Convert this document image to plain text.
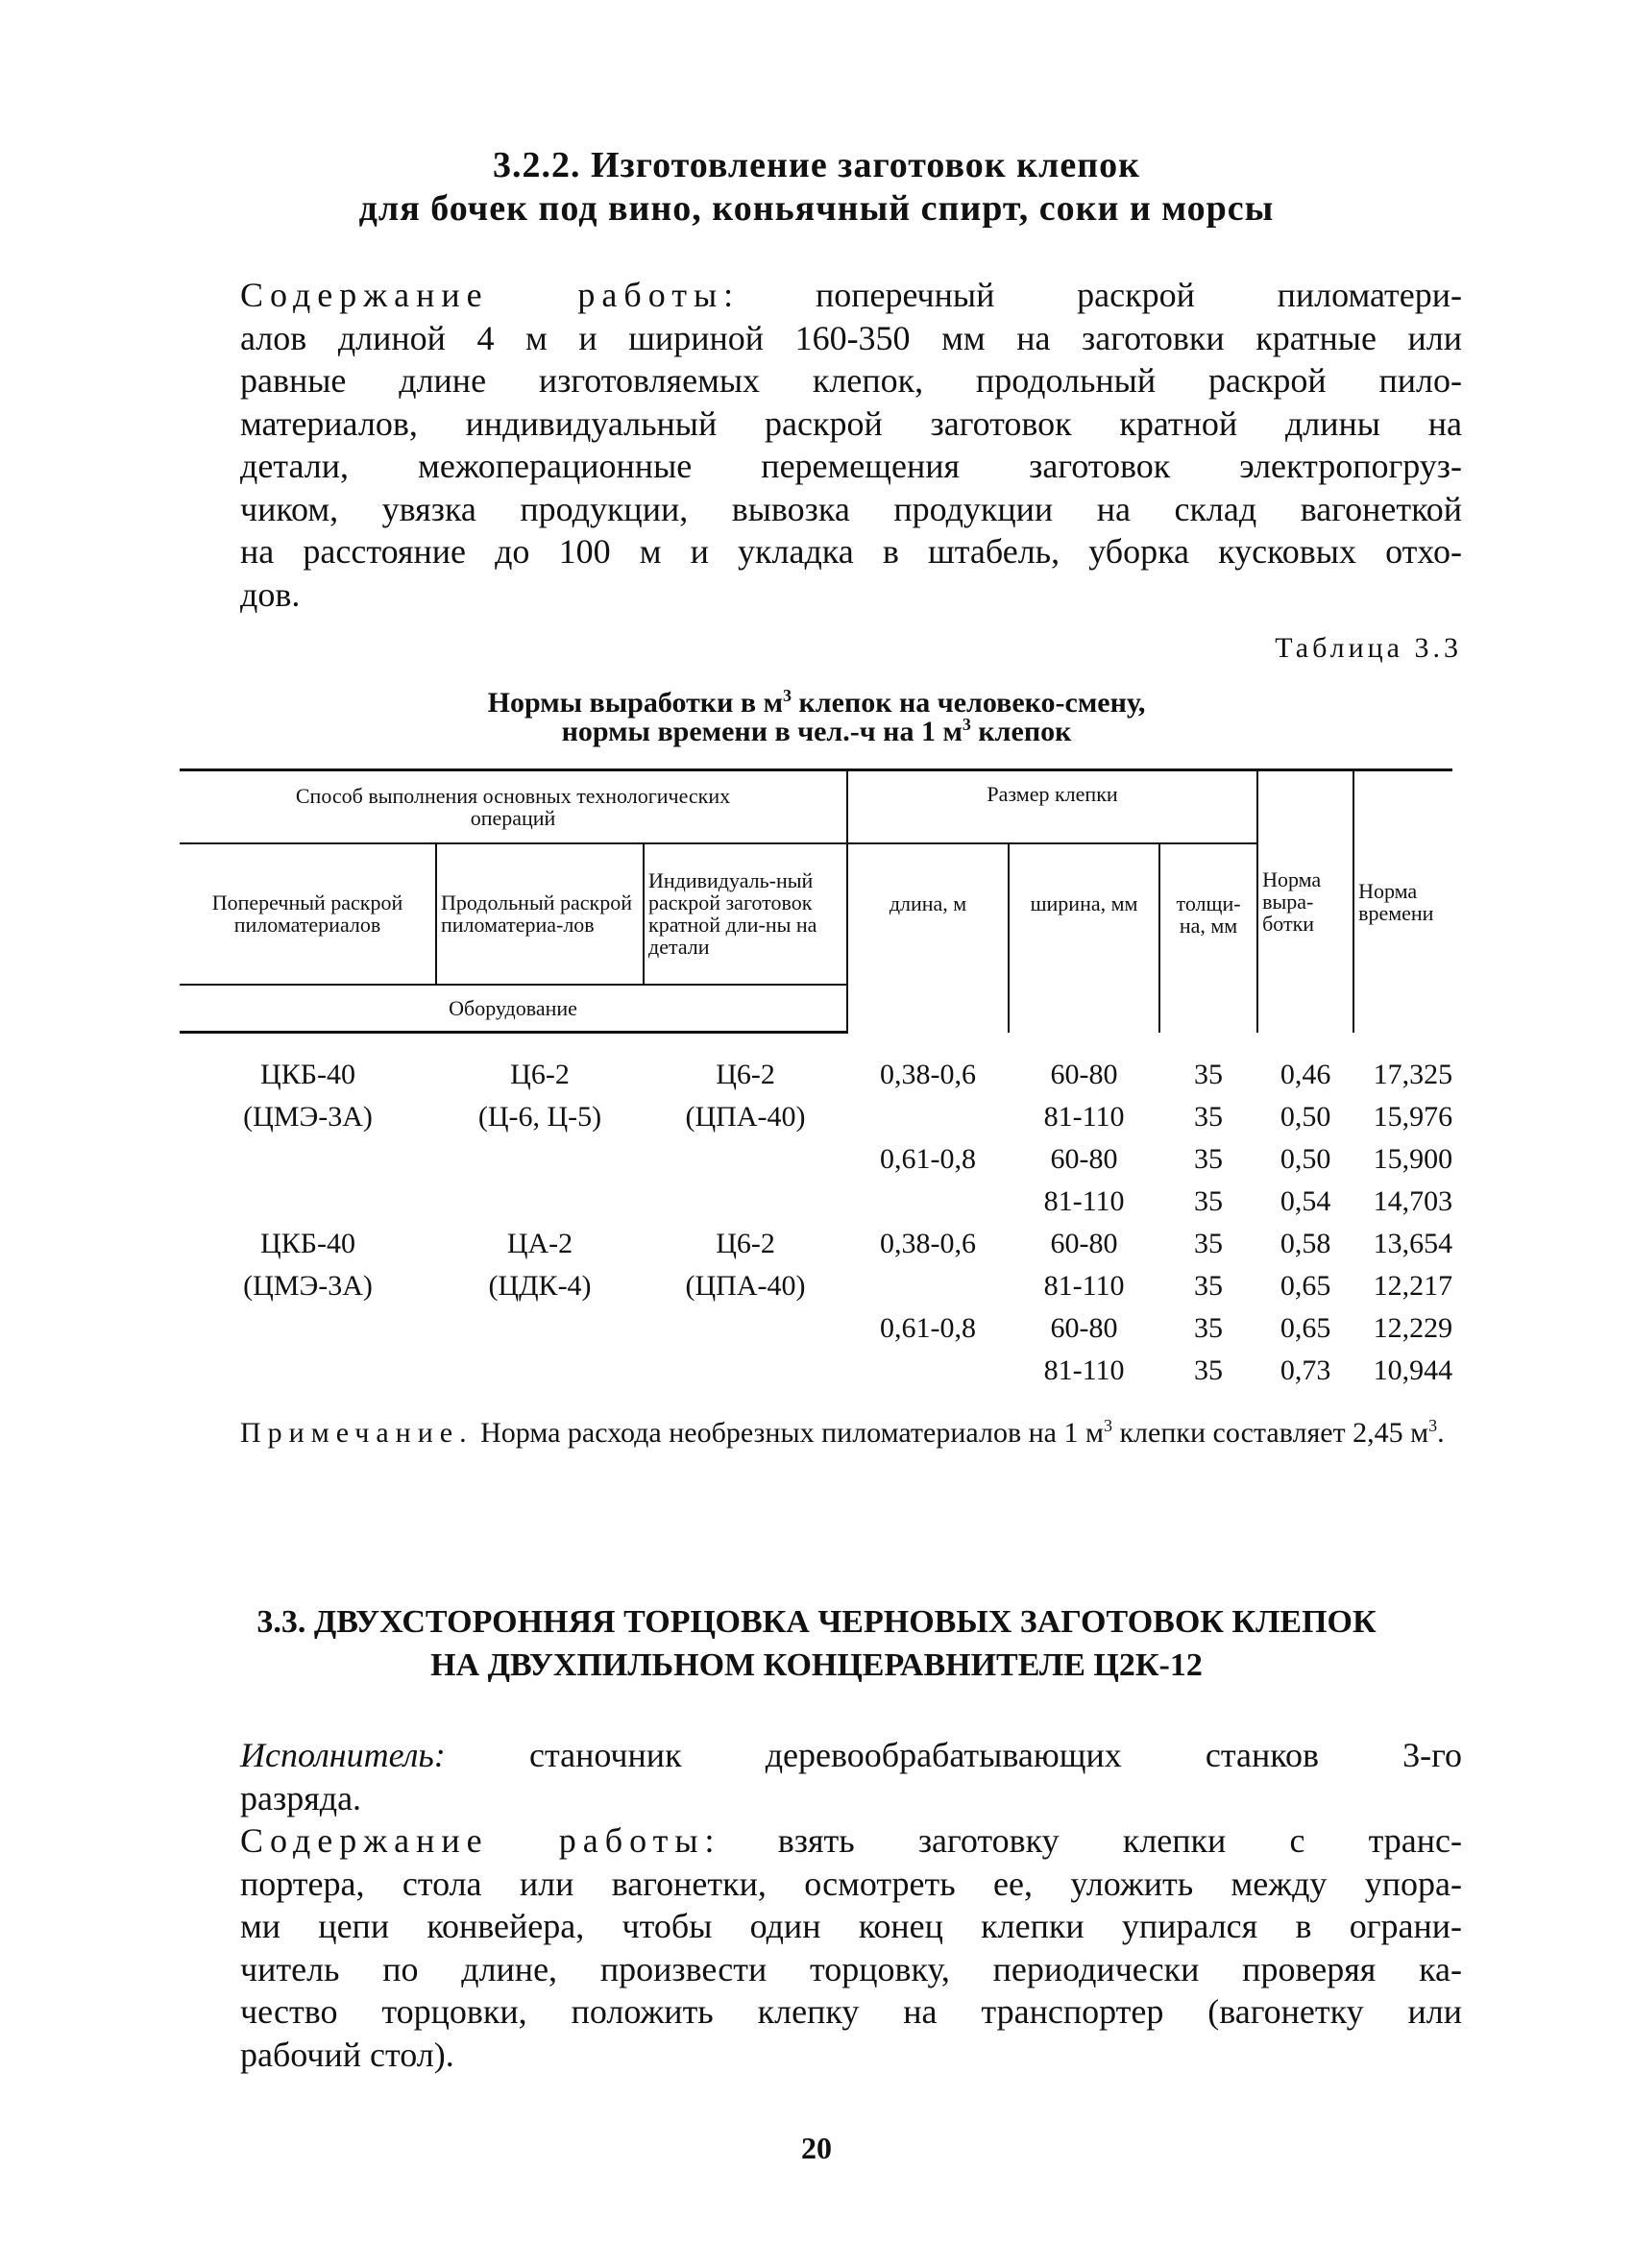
3.2.2. Изготовление заготовок клепок
для бочек под вино, коньячный спирт, соки и морсы
Содержание работы: поперечный раскрой пиломатери-
алов длиной 4 м и шириной 160-350 мм на заготовки кратные или
равные длине изготовляемых клепок, продольный раскрой пило-
материалов, индивидуальный раскрой заготовок кратной длины на
детали, межоперационные перемещения заготовок электропогруз-
чиком, увязка продукции, вывозка продукции на склад вагонеткой
на расстояние до 100 м и укладка в штабель, уборка кусковых отхо-
дов.
Таблица 3.3
Нормы выработки в $м^3$ клепок на человеко-смену,
нормы времени в чел.-ч на 1 $м^3$ клепок
Способ выполнения основных технологических операций			Размер клепки			Норма выра-ботки	Норма времени
Поперечный раскрой пиломатериалов	Продольный раскрой пиломатериа-лов	Индивидуаль-ный раскрой заготовок кратной дли-ны на детали	длина, м	ширина, мм	толщи-на, мм		
Оборудование							

ЦКБ-40	Ц6-2	Ц6-2	0,38-0,6	60-80	35	0,46	17,325
(ЦМЭ-3А)	(Ц-6, Ц-5)	(ЦПА-40)		81-110	35	0,50	15,976
			0,61-0,8	60-80	35	0,50	15,900
				81-110	35	0,54	14,703
ЦКБ-40	ЦА-2	Ц6-2	0,38-0,6	60-80	35	0,58	13,654
(ЦМЭ-3А)	(ЦДК-4)	(ЦПА-40)		81-110	35	0,65	12,217
			0,61-0,8	60-80	35	0,65	12,229
				81-110	35	0,73	10,944
Примечание. Норма расхода необрезных пиломатериалов на 1 $м^3$ клепки составляет 2,45 $м^3$.
3.3. ДВУХСТОРОННЯЯ ТОРЦОВКА ЧЕРНОВЫХ ЗАГОТОВОК КЛЕПОК
НА ДВУХПИЛЬНОМ КОНЦЕРАВНИТЕЛЕ Ц2К-12
Исполнитель: станочник деревообрабатывающих станков 3-го
разряда.
Содержание работы: взять заготовку клепки с транс-
портера, стола или вагонетки, осмотреть ее, уложить между упора-
ми цепи конвейера, чтобы один конец клепки упирался в ограни-
читель по длине, произвести торцовку, периодически проверяя ка-
чество торцовки, положить клепку на транспортер (вагонетку или
рабочий стол).
20
